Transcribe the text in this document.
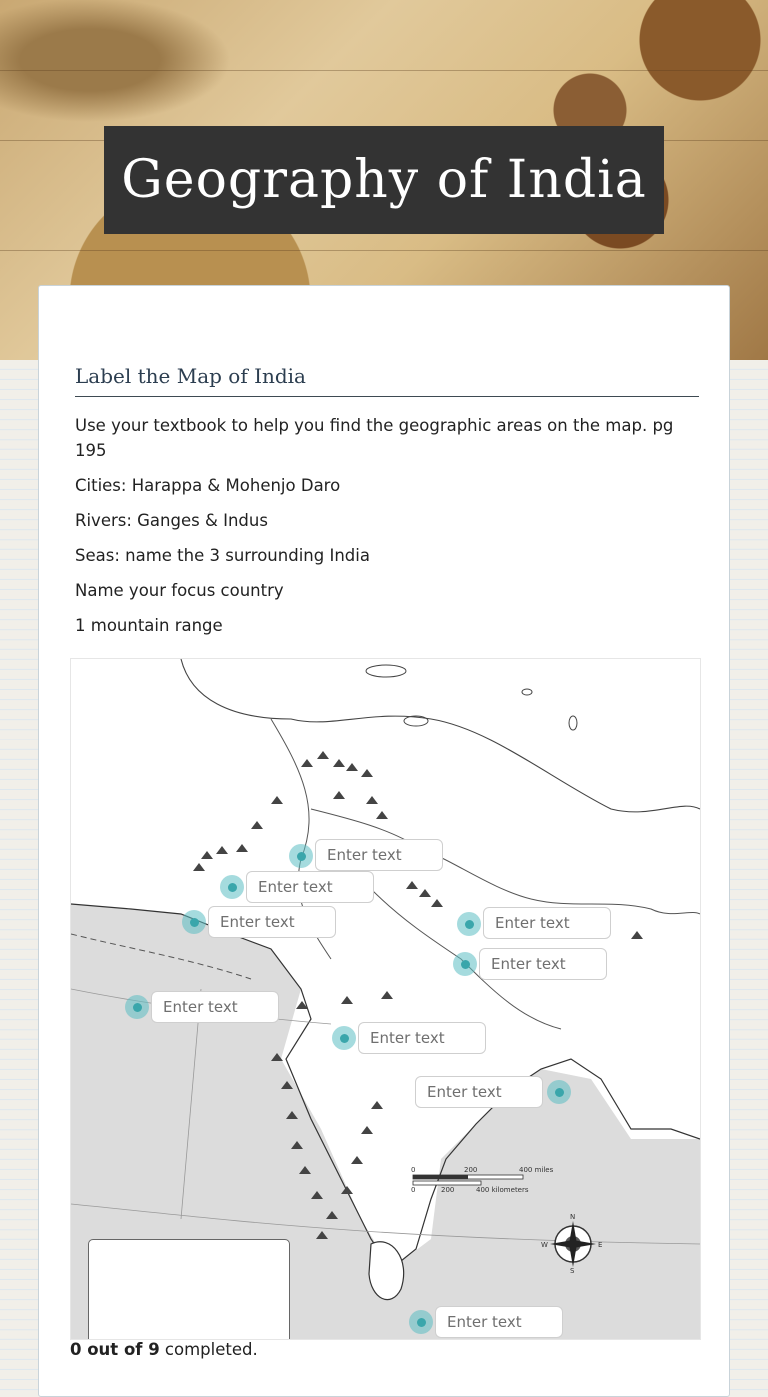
Geography of India
Label the Map of India
Use your textbook to help you find the geographic areas on the map. pg 195
Cities: Harappa & Mohenjo Daro
Rivers: Ganges & Indus
Seas: name the 3 surrounding India
Name your focus country
1 mountain range
0	200	400 miles
0	200	400 kilometers
N
E
S
W
Enter text
Enter text
Enter text
Enter text
Enter text
Enter text
Enter text
Enter text
Enter text
0 out of 9 completed.
